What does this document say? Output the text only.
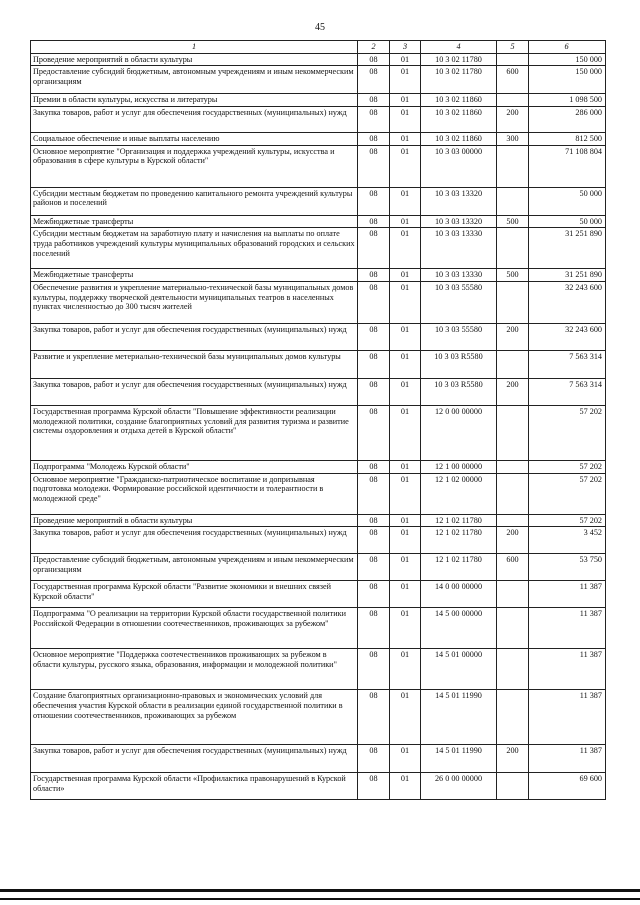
45
1	2	3	4	5	6
Проведение мероприятий в области культуры	08	01	10 3 02 11780		150 000
Предоставление субсидий бюджетным, автономным учреждениям и иным некоммерческим организациям	08	01	10 3 02 11780	600	150 000
Премии в области культуры, искусства и литературы	08	01	10 3 02 11860		1 098 500
Закупка товаров, работ и услуг для обеспечения государственных (муниципальных) нужд	08	01	10 3 02 11860	200	286 000
Социальное обеспечение и иные выплаты населению	08	01	10 3 02 11860	300	812 500
Основное мероприятие "Организация и поддержка учреждений культуры, искусства и образования в сфере культуры в Курской области"	08	01	10 3 03 00000		71 108 804
Субсидии местным бюджетам по проведению капитального ремонта учреждений культуры районов и поселений	08	01	10 3 03 13320		50 000
Межбюджетные трансферты	08	01	10 3 03 13320	500	50 000
Субсидии местным бюджетам на заработную плату и начисления на выплаты по оплате труда работников учреждений культуры муниципальных образований городских и сельских поселений	08	01	10 3 03 13330		31 251 890
Межбюджетные трансферты	08	01	10 3 03 13330	500	31 251 890
Обеспечение развития и укрепление материально-технической базы муниципальных домов культуры, поддержку творческой деятельности муниципальных театров в населенных пунктах численностью до 300 тысяч жителей	08	01	10 3 03 55580		32 243 600
Закупка товаров, работ и услуг для обеспечения государственных (муниципальных) нужд	08	01	10 3 03 55580	200	32 243 600
Развитие и укрепление метериально-технической базы муниципальных домов культуры	08	01	10 3 03 R5580		7 563 314
Закупка товаров, работ и услуг для обеспечения государственных (муниципальных) нужд	08	01	10 3 03 R5580	200	7 563 314
Государственная программа Курской области "Повышение эффективности реализации молодежной политики, создание благоприятных условий для развития туризма и развитие системы оздоровления и отдыха детей в Курской области"	08	01	12 0 00 00000		57 202
Подпрограмма "Молодежь Курской области"	08	01	12 1 00 00000		57 202
Основное мероприятие "Гражданско-патриотическое воспитание и допризывная подготовка молодежи. Формирование российской идентичности и толерантности в молодежной среде"	08	01	12 1 02 00000		57 202
Проведение мероприятий в области культуры	08	01	12 1 02 11780		57 202
Закупка товаров, работ и услуг для обеспечения государственных (муниципальных) нужд	08	01	12 1 02 11780	200	3 452
Предоставление субсидий бюджетным, автономным учреждениям и иным некоммерческим организациям	08	01	12 1 02 11780	600	53 750
Государственная программа Курской области "Развитие экономики и внешних связей Курской области"	08	01	14 0 00 00000		11 387
Подпрограмма "О реализации на территории Курской области государственной политики Российской Федерации в отношении соотечественников, проживающих за рубежом"	08	01	14 5 00 00000		11 387
Основное мероприятие "Поддержка соотечественников проживающих за рубежом в области культуры, русского языка, образования, информации и молодежной политики"	08	01	14 5 01 00000		11 387
Создание благоприятных организационно-правовых и экономических условий для обеспечения участия Курской области в реализации единой государственной политики в отношении соотечественников, проживающих за рубежом	08	01	14 5 01 11990		11 387
Закупка товаров, работ и услуг для обеспечения государственных (муниципальных) нужд	08	01	14 5 01 11990	200	11 387
Государственная программа Курской области «Профилактика правонарушений в Курской области»	08	01	26 0 00 00000		69 600
